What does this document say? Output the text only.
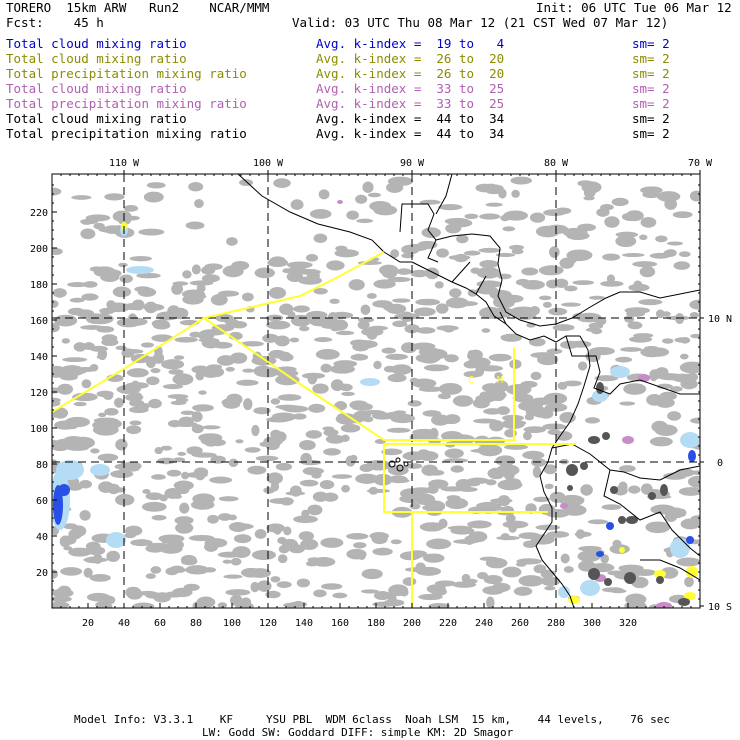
TORERO  15km ARW   Run2    NCAR/MMM	Init: 06 UTC Tue 06 Mar 12
Fcst:    45 h	Valid: 03 UTC Thu 08 Mar 12 (21 CST Wed 07 Mar 12)
Total cloud mixing ratio	Avg. k-index =  19 to   4	sm= 2
Total cloud mixing ratio	Avg. k-index =  26 to  20	sm= 2
Total precipitation mixing ratio	Avg. k-index =  26 to  20	sm= 2
Total cloud mixing ratio	Avg. k-index =  33 to  25	sm= 2
Total precipitation mixing ratio	Avg. k-index =  33 to  25	sm= 2
Total cloud mixing ratio	Avg. k-index =  44 to  34	sm= 2
Total precipitation mixing ratio	Avg. k-index =  44 to  34	sm= 2
20
40
60
80
100
120
140
160
180
200
220
20 40 60 80 100 120 140 160 180 200 220 240 260 280 300 320
110 W	100 W	90 W	80 W	70 W
10 N
0
10 S
C M
Model Info: V3.3.1    KF     YSU PBL  WDM 6class  Noah LSM  15 km,    44 levels,    76 sec
LW: Godd SW: Goddard DIFF: simple KM: 2D Smagor
